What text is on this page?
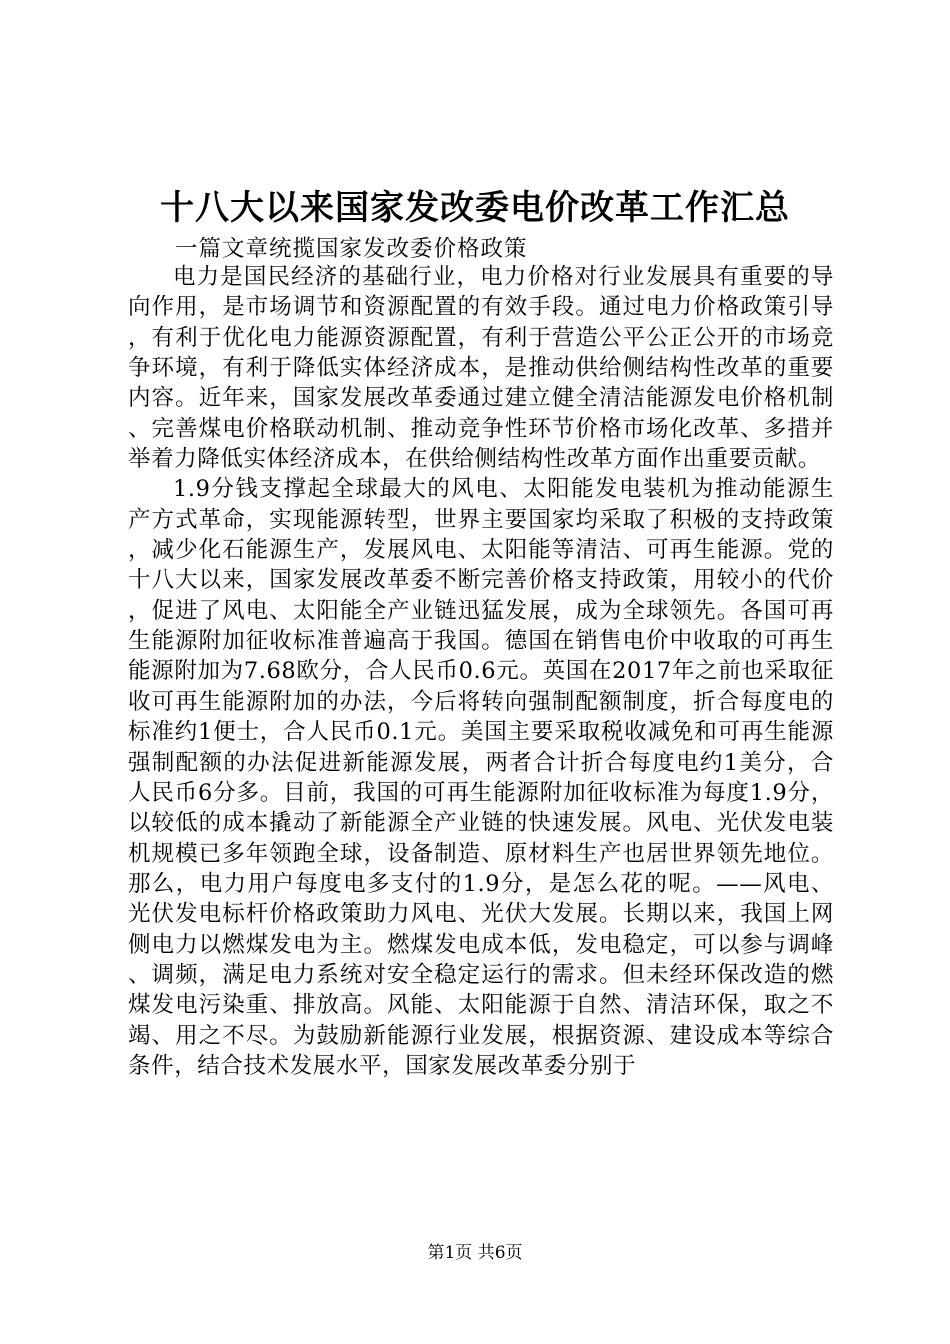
十八大以来国家发改委电价改革工作汇总
一篇文章统揽国家发改委价格政策

电力是国民经济的基础行业，电力价格对行业发展具有重要的导向作用，是市场调节和资源配置的有效手段。通过电力价格政策引导，有利于优化电力能源资源配置，有利于营造公平公正公开的市场竞争环境，有利于降低实体经济成本，是推动供给侧结构性改革的重要内容。近年来，国家发展改革委通过建立健全清洁能源发电价格机制、完善煤电价格联动机制、推动竞争性环节价格市场化改革、多措并举着力降低实体经济成本，在供给侧结构性改革方面作出重要贡献。

1.9分钱支撑起全球最大的风电、太阳能发电装机为推动能源生产方式革命，实现能源转型，世界主要国家均采取了积极的支持政策，减少化石能源生产，发展风电、太阳能等清洁、可再生能源。党的十八大以来，国家发展改革委不断完善价格支持政策，用较小的代价，促进了风电、太阳能全产业链迅猛发展，成为全球领先。各国可再生能源附加征收标准普遍高于我国。德国在销售电价中收取的可再生能源附加为7.68欧分，合人民币0.6元。英国在2017年之前也采取征收可再生能源附加的办法，今后将转向强制配额制度，折合每度电的标准约1便士，合人民币0.1元。美国主要采取税收减免和可再生能源强制配额的办法促进新能源发展，两者合计折合每度电约1美分，合人民币6分多。目前，我国的可再生能源附加征收标准为每度1.9分，以较低的成本撬动了新能源全产业链的快速发展。风电、光伏发电装机规模已多年领跑全球，设备制造、原材料生产也居世界领先地位。那么，电力用户每度电多支付的1.9分，是怎么花的呢。——风电、光伏发电标杆价格政策助力风电、光伏大发展。长期以来，我国上网侧电力以燃煤发电为主。燃煤发电成本低，发电稳定，可以参与调峰、调频，满足电力系统对安全稳定运行的需求。但未经环保改造的燃煤发电污染重、排放高。风能、太阳能源于自然、清洁环保，取之不竭、用之不尽。为鼓励新能源行业发展，根据资源、建设成本等综合条件，结合技术发展水平，国家发展改革委分别于

第1页 共6页
